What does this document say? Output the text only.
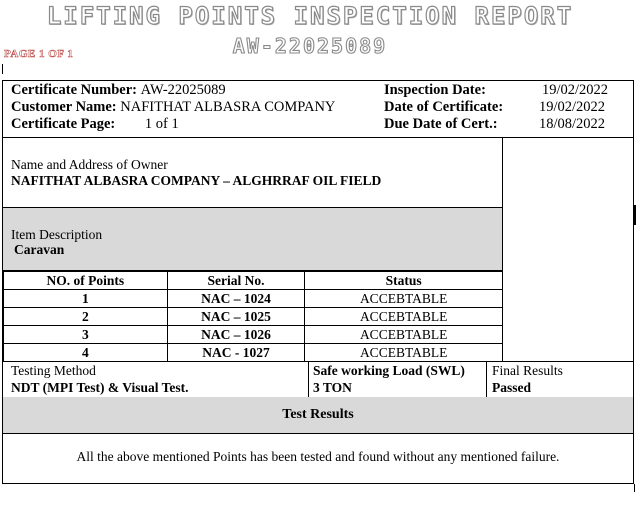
LIFTING POINTS INSPECTION REPORT
AW-22025089
PAGE 1 OF 1
Certificate Number: AW-22025089
Customer Name: NAFITHAT ALBASRA COMPANY
Certificate Page: 1 of 1
Inspection Date:	19/02/2022
Date of Certificate: 19/02/2022
Due Date of Cert.:	18/08/2022
Name and Address of Owner
NAFITHAT ALBASRA COMPANY – ALGHRRAF OIL FIELD
Item Description
Caravan
NO. of Points	Serial No.	Status
1	NAC – 1024	ACCEBTABLE
2	NAC – 1025	ACCEBTABLE
3	NAC – 1026	ACCEBTABLE
4	NAC - 1027	ACCEBTABLE
Testing Method
NDT (MPI Test) & Visual Test.
Safe working Load (SWL)
3 TON
Final Results
Passed
Test Results
All the above mentioned Points has been tested and found without any mentioned failure.
